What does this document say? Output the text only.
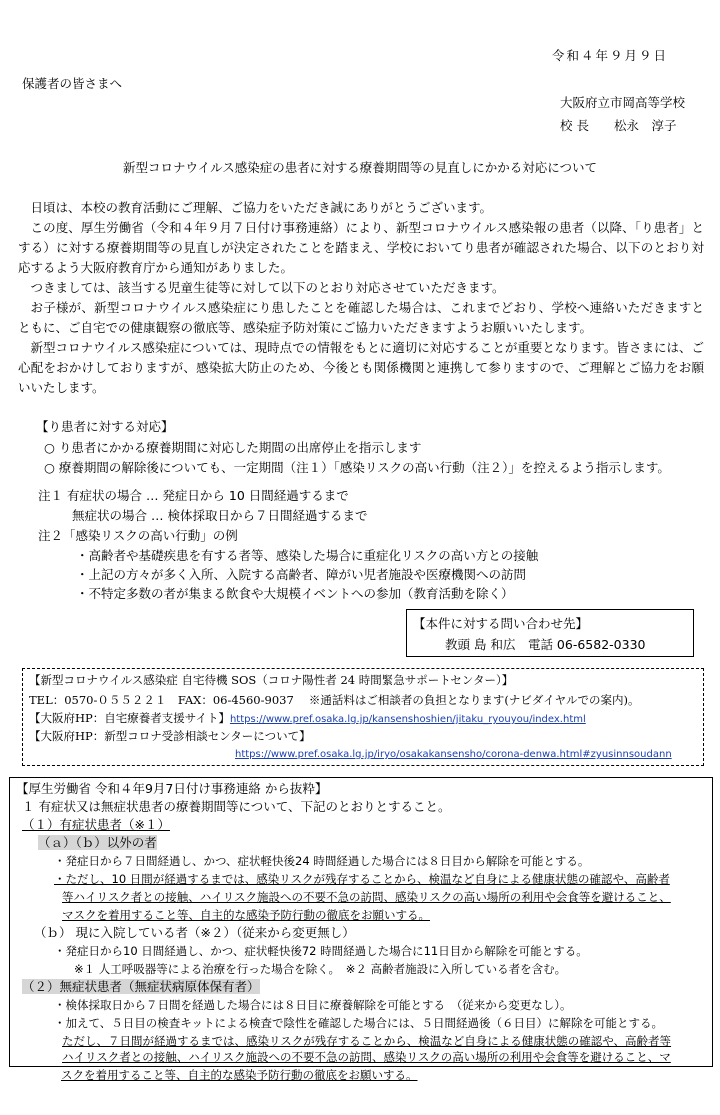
令和４年９月９日
保護者の皆さまへ
大阪府立市岡高等学校
校 長　　松永　淳子
新型コロナウイルス感染症の患者に対する療養期間等の見直しにかかる対応について

日頃は、本校の教育活動にご理解、ご協力をいただき誠にありがとうございます。

この度、厚生労働省（令和４年９月７日付け事務連絡）により、新型コロナウイルス感染報の患者（以降、「り患者」とする）に対する療養期間等の見直しが決定されたことを踏まえ、学校においてり患者が確認された場合、以下のとおり対応するよう大阪府教育庁から通知がありました。

つきましては、該当する児童生徒等に対して以下のとおり対応させていただきます。

お子様が、新型コロナウイルス感染症にり患したことを確認した場合は、これまでどおり、学校へ連絡いただきますとともに、ご自宅での健康観察の徹底等、感染症予防対策にご協力いただきますようお願いいたします。

新型コロナウイルス感染症については、現時点での情報をもとに適切に対応することが重要となります。皆さまには、ご心配をおかけしておりますが、感染拡大防止のため、今後とも関係機関と連携して参りますので、ご理解とご協力をお願いいたします。

【り患者に対する対応】
○ り患者にかかる療養期間に対応した期間の出席停止を指示します
○ 療養期間の解除後についても、一定期間（注１）「感染リスクの高い行動（注２）」を控えるよう指示します。
注１ 有症状の場合 … 発症日から 10 日間経過するまで
無症状の場合 … 検体採取日から７日間経過するまで
注２「感染リスクの高い行動」の例
・高齢者や基礎疾患を有する者等、感染した場合に重症化リスクの高い方との接触
・上記の方々が多く入所、入院する高齢者、障がい児者施設や医療機関への訪問
・不特定多数の者が集まる飲食や大規模イベントへの参加（教育活動を除く）
【本件に対する問い合わせ先】
教頭 島 和広　電話 06-6582-0330
【新型コロナウイルス感染症 自宅待機 SOS（コロナ陽性者 24 時間緊急サポートセンター）】
TEL：0570-０５５２２１　FAX：06-4560-9037　 ※通話料はご相談者の負担となります(ナビダイヤルでの案内)。
【大阪府HP：自宅療養者支援サイト】https://www.pref.osaka.lg.jp/kansenshoshien/jitaku_ryouyou/index.html
【大阪府HP：新型コロナ受診相談センターについて】
https://www.pref.osaka.lg.jp/iryo/osakakansensho/corona-denwa.html#zyusinnsoudann
【厚生労働省 令和４年9月7日付け事務連絡 から抜粋】
１ 有症状又は無症状患者の療養期間等について、下記のとおりとすること。
（１）有症状患者（※１）
（ａ）（ｂ）以外の者
・発症日から７日間経過し、かつ、症状軽快後24 時間経過した場合には８日目から解除を可能とする。
・ただし、10 日間が経過するまでは、感染リスクが残存することから、検温など自身による健康状態の確認や、高齢者
等ハイリスク者との接触、ハイリスク施設への不要不急の訪問、感染リスクの高い場所の利用や会食等を避けること、
マスクを着用すること等、自主的な感染予防行動の徹底をお願いする。
（ｂ） 現に入院している者（※２）（従来から変更無し）
・発症日から10 日間経過し、かつ、症状軽快後72 時間経過した場合に11日目から解除を可能とする。
※１ 人工呼吸器等による治療を行った場合を除く。　※２ 高齢者施設に入所している者を含む。
（２）無症状患者（無症状病原体保有者）
・検体採取日から７日間を経過した場合には８日目に療養解除を可能とする　（従来から変更なし）。
・加えて、５日目の検査キットによる検査で陰性を確認した場合には、５日間経過後（６日目）に解除を可能とする。
ただし、７日間が経過するまでは、感染リスクが残存することから、検温など自身による健康状態の確認や、高齢者等
ハイリスク者との接触、ハイリスク施設への不要不急の訪問、感染リスクの高い場所の利用や会食等を避けること、マ
スクを着用すること等、自主的な感染予防行動の徹底をお願いする。
